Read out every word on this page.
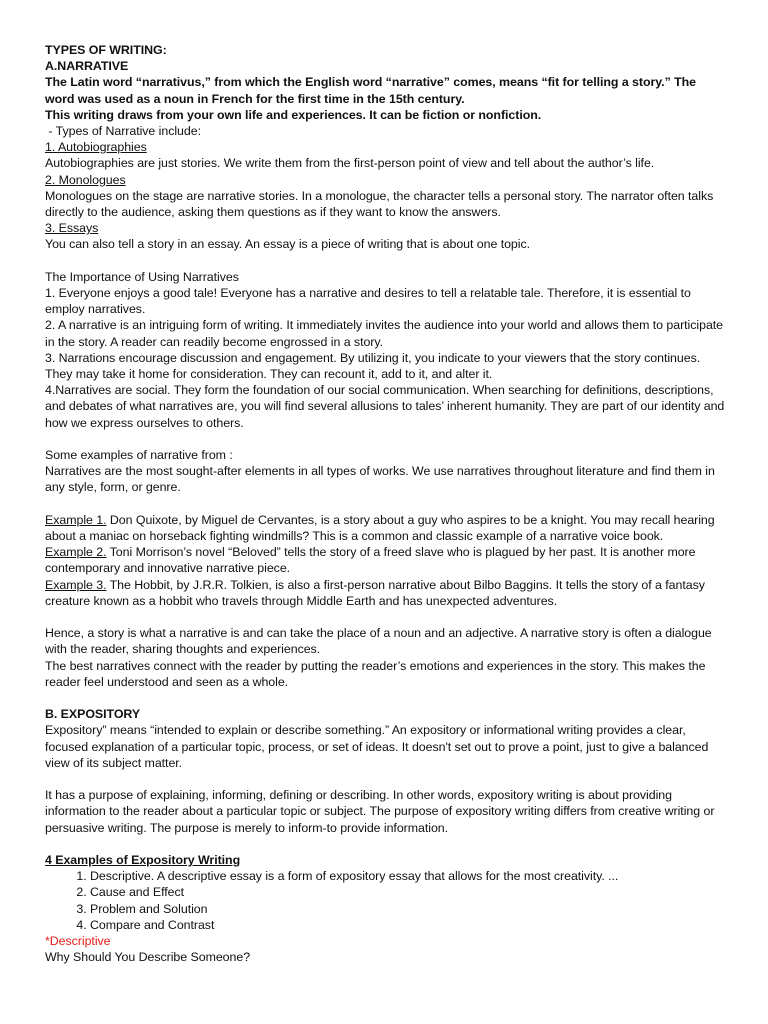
TYPES OF WRITING:

A.NARRATIVE

The Latin word “narrativus,” from which the English word “narrative” comes, means “fit for telling a story.” The word was used as a noun in French for the first time in the 15th century.

This writing draws from your own life and experiences. It can be fiction or nonfiction.

- Types of Narrative include:

1. Autobiographies

Autobiographies are just stories. We write them from the first-person point of view and tell about the author’s life.

2. Monologues

Monologues on the stage are narrative stories. In a monologue, the character tells a personal story. The narrator often talks directly to the audience, asking them questions as if they want to know the answers.

3. Essays

You can also tell a story in an essay. An essay is a piece of writing that is about one topic.

The Importance of Using Narratives

1. Everyone enjoys a good tale! Everyone has a narrative and desires to tell a relatable tale. Therefore, it is essential to employ narratives.

2. A narrative is an intriguing form of writing. It immediately invites the audience into your world and allows them to participate in the story. A reader can readily become engrossed in a story.

3. Narrations encourage discussion and engagement. By utilizing it, you indicate to your viewers that the story continues. They may take it home for consideration. They can recount it, add to it, and alter it.

4.Narratives are social. They form the foundation of our social communication. When searching for definitions, descriptions, and debates of what narratives are, you will find several allusions to tales’ inherent humanity. They are part of our identity and how we express ourselves to others.

Some examples of narrative from :

Narratives are the most sought-after elements in all types of works. We use narratives throughout literature and find them in any style, form, or genre.

Example 1. Don Quixote, by Miguel de Cervantes, is a story about a guy who aspires to be a knight. You may recall hearing about a maniac on horseback fighting windmills? This is a common and classic example of a narrative voice book.

Example 2. Toni Morrison’s novel “Beloved” tells the story of a freed slave who is plagued by her past. It is another more contemporary and innovative narrative piece.

Example 3. The Hobbit, by J.R.R. Tolkien, is also a first-person narrative about Bilbo Baggins. It tells the story of a fantasy creature known as a hobbit who travels through Middle Earth and has unexpected adventures.

Hence, a story is what a narrative is and can take the place of a noun and an adjective. A narrative story is often a dialogue with the reader, sharing thoughts and experiences.

The best narratives connect with the reader by putting the reader’s emotions and experiences in the story. This makes the reader feel understood and seen as a whole.

B. EXPOSITORY

Expository” means “intended to explain or describe something.” An expository or informational writing provides a clear, focused explanation of a particular topic, process, or set of ideas. It doesn't set out to prove a point, just to give a balanced view of its subject matter.

It has a purpose of explaining, informing, defining or describing. In other words, expository writing is about providing information to the reader about a particular topic or subject. The purpose of expository writing differs from creative writing or persuasive writing. The purpose is merely to inform-to provide information.

4 Examples of Expository Writing

1. Descriptive. A descriptive essay is a form of expository essay that allows for the most creativity. ...
2. Cause and Effect
3. Problem and Solution
4. Compare and Contrast

*Descriptive

Why Should You Describe Someone?
